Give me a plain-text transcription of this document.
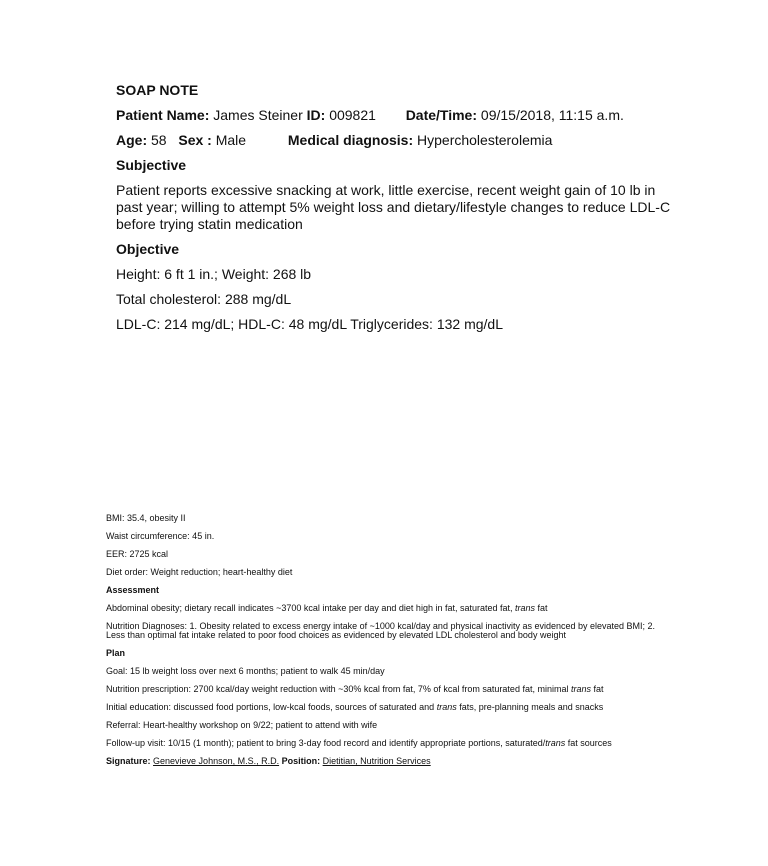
SOAP NOTE
Patient Name: James Steiner ID: 009821 Date/Time: 09/15/2018, 11:15 a.m.
Age: 58 Sex : Male	Medical diagnosis: Hypercholesterolemia
Subjective

Patient reports excessive snacking at work, little exercise, recent weight gain of 10 lb in past year; willing to attempt 5% weight loss and dietary/lifestyle changes to reduce LDL-C before trying statin medication

Objective
Height: 6 ft 1 in.; Weight: 268 lb
Total cholesterol: 288 mg/dL
LDL-C: 214 mg/dL; HDL-C: 48 mg/dL Triglycerides: 132 mg/dL
BMI: 35.4, obesity II
Waist circumference: 45 in.
EER: 2725 kcal
Diet order: Weight reduction; heart-healthy diet
Assessment
Abdominal obesity; dietary recall indicates ~3700 kcal intake per day and diet high in fat, saturated fat, trans fat
Nutrition Diagnoses: 1. Obesity related to excess energy intake of ~1000 kcal/day and physical inactivity as evidenced by elevated BMI; 2. Less than optimal fat intake related to poor food choices as evidenced by elevated LDL cholesterol and body weight
Plan
Goal: 15 lb weight loss over next 6 months; patient to walk 45 min/day
Nutrition prescription: 2700 kcal/day weight reduction with ~30% kcal from fat, 7% of kcal from saturated fat, minimal trans fat
Initial education: discussed food portions, low-kcal foods, sources of saturated and trans fats, pre-planning meals and snacks
Referral: Heart-healthy workshop on 9/22; patient to attend with wife
Follow-up visit: 10/15 (1 month); patient to bring 3-day food record and identify appropriate portions, saturated/trans fat sources
Signature: Genevieve Johnson, M.S., R.D. Position: Dietitian, Nutrition Services
